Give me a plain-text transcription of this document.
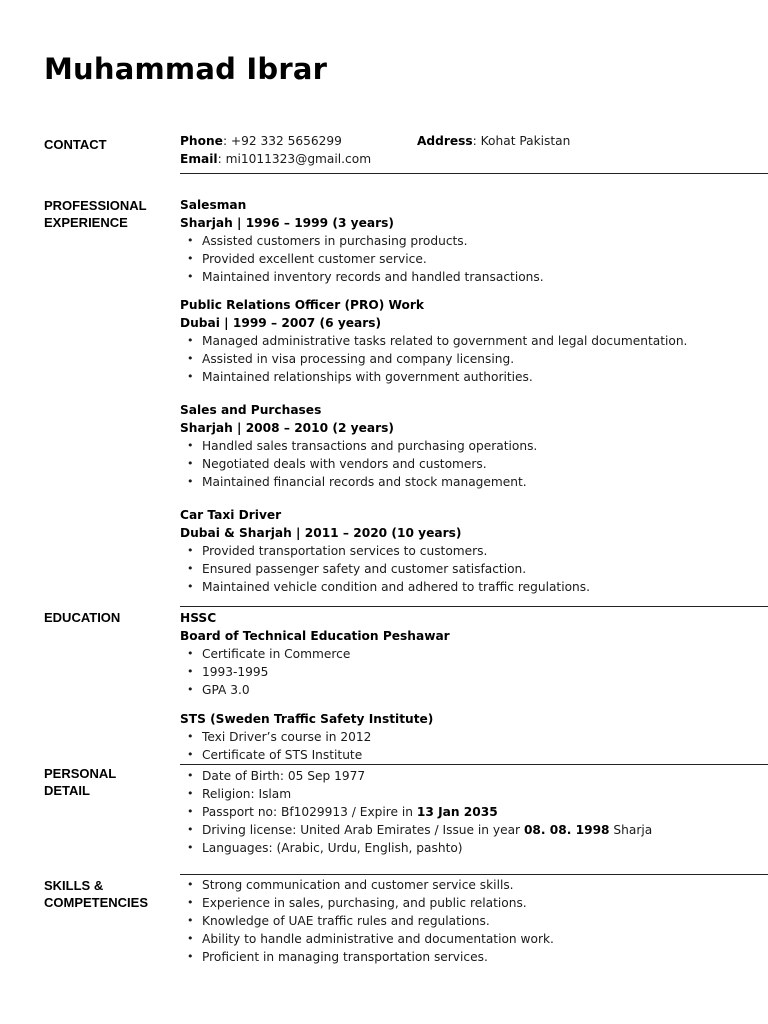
Muhammad Ibrar
CONTACT	Phone: +92 332 5656299	Address: Kohat Pakistan
Email: mi1011323@gmail.com
PROFESSIONAL
EXPERIENCE
Salesman
Sharjah | 1996 – 1999 (3 years)
• Assisted customers in purchasing products.
• Provided excellent customer service.
• Maintained inventory records and handled transactions.
Public Relations Officer (PRO) Work
Dubai | 1999 – 2007 (6 years)
• Managed administrative tasks related to government and legal documentation.
• Assisted in visa processing and company licensing.
• Maintained relationships with government authorities.
Sales and Purchases
Sharjah | 2008 – 2010 (2 years)
• Handled sales transactions and purchasing operations.
• Negotiated deals with vendors and customers.
• Maintained financial records and stock management.
Car Taxi Driver
Dubai & Sharjah | 2011 – 2020 (10 years)
• Provided transportation services to customers.
• Ensured passenger safety and customer satisfaction.
• Maintained vehicle condition and adhered to traffic regulations.
EDUCATION	HSSC
Board of Technical Education Peshawar
• Certificate in Commerce
• 1993-1995
• GPA 3.0
STS (Sweden Traffic Safety Institute)
• Texi Driver’s course in 2012
• Certificate of STS Institute
PERSONAL
DETAIL
• Date of Birth: 05 Sep 1977
• Religion: Islam
• Passport no: Bf1029913 / Expire in 13 Jan 2035
• Driving license: United Arab Emirates / Issue in year 08. 08. 1998 Sharja
• Languages: (Arabic, Urdu, English, pashto)
SKILLS &
COMPETENCIES
• Strong communication and customer service skills.
• Experience in sales, purchasing, and public relations.
• Knowledge of UAE traffic rules and regulations.
• Ability to handle administrative and documentation work.
• Proficient in managing transportation services.
